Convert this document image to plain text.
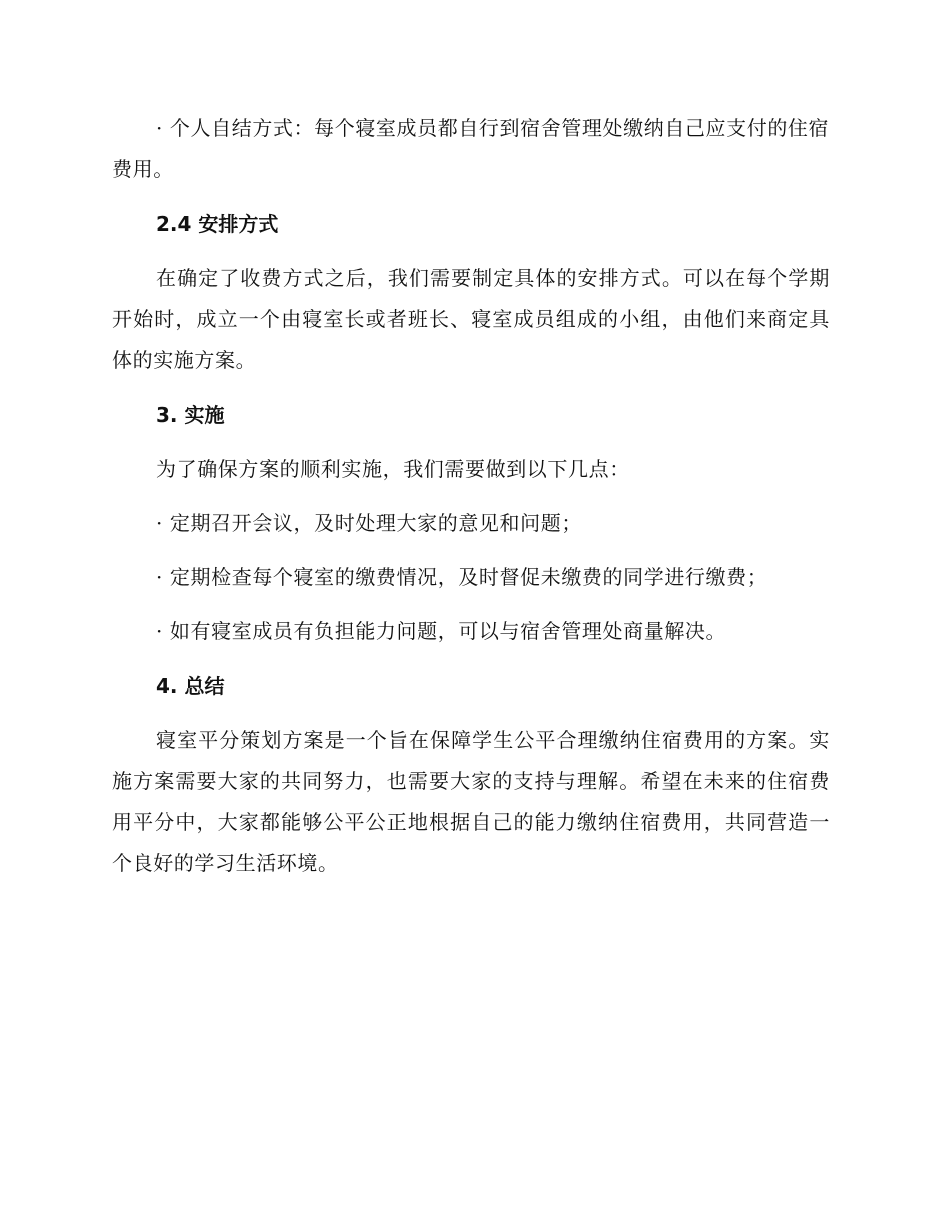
· 个人自结方式：每个寝室成员都自行到宿舍管理处缴纳自己应支付的住宿费用。

2.4 安排方式

在确定了收费方式之后，我们需要制定具体的安排方式。可以在每个学期开始时，成立一个由寝室长或者班长、寝室成员组成的小组，由他们来商定具体的实施方案。

3. 实施

为了确保方案的顺利实施，我们需要做到以下几点：

· 定期召开会议，及时处理大家的意见和问题；

· 定期检查每个寝室的缴费情况，及时督促未缴费的同学进行缴费；

· 如有寝室成员有负担能力问题，可以与宿舍管理处商量解决。

4. 总结

寝室平分策划方案是一个旨在保障学生公平合理缴纳住宿费用的方案。实施方案需要大家的共同努力，也需要大家的支持与理解。希望在未来的住宿费用平分中，大家都能够公平公正地根据自己的能力缴纳住宿费用，共同营造一个良好的学习生活环境。
